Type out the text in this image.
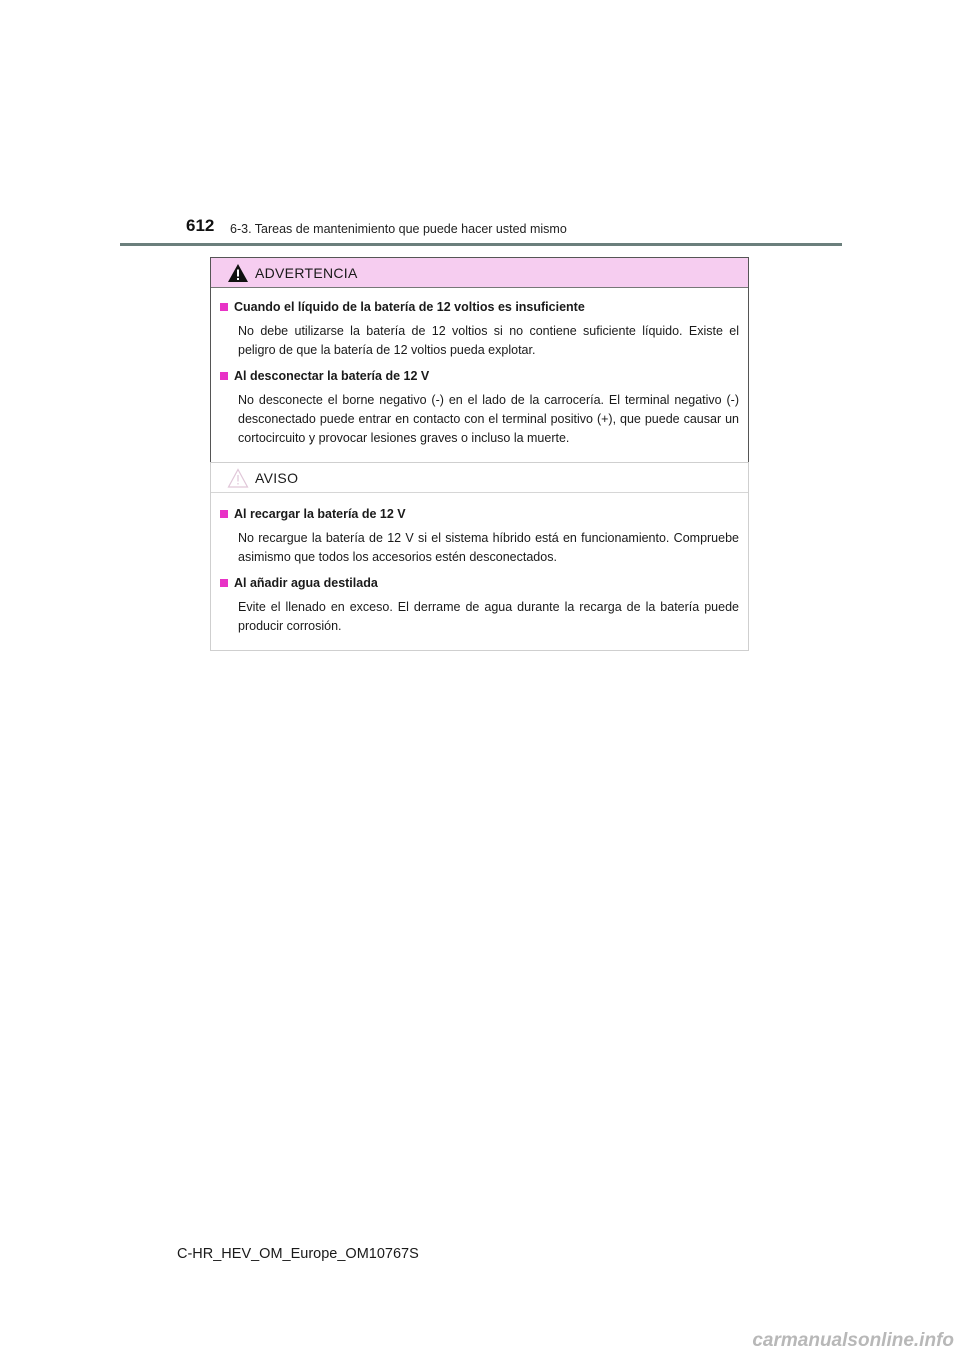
612 6-3. Tareas de mantenimiento que puede hacer usted mismo
ADVERTENCIA
Cuando el líquido de la batería de 12 voltios es insuficiente

No debe utilizarse la batería de 12 voltios si no contiene suficiente líquido. Existe el peligro de que la batería de 12 voltios pueda explotar.

Al desconectar la batería de 12 V

No desconecte el borne negativo (-) en el lado de la carrocería. El terminal negativo (-) desconectado puede entrar en contacto con el terminal positivo (+), que puede causar un cortocircuito y provocar lesiones graves o incluso la muerte.

AVISO
Al recargar la batería de 12 V

No recargue la batería de 12 V si el sistema híbrido está en funcionamiento. Compruebe asimismo que todos los accesorios estén desconectados.

Al añadir agua destilada

Evite el llenado en exceso. El derrame de agua durante la recarga de la batería puede producir corrosión.

C-HR_HEV_OM_Europe_OM10767S
carmanualsonline.info
